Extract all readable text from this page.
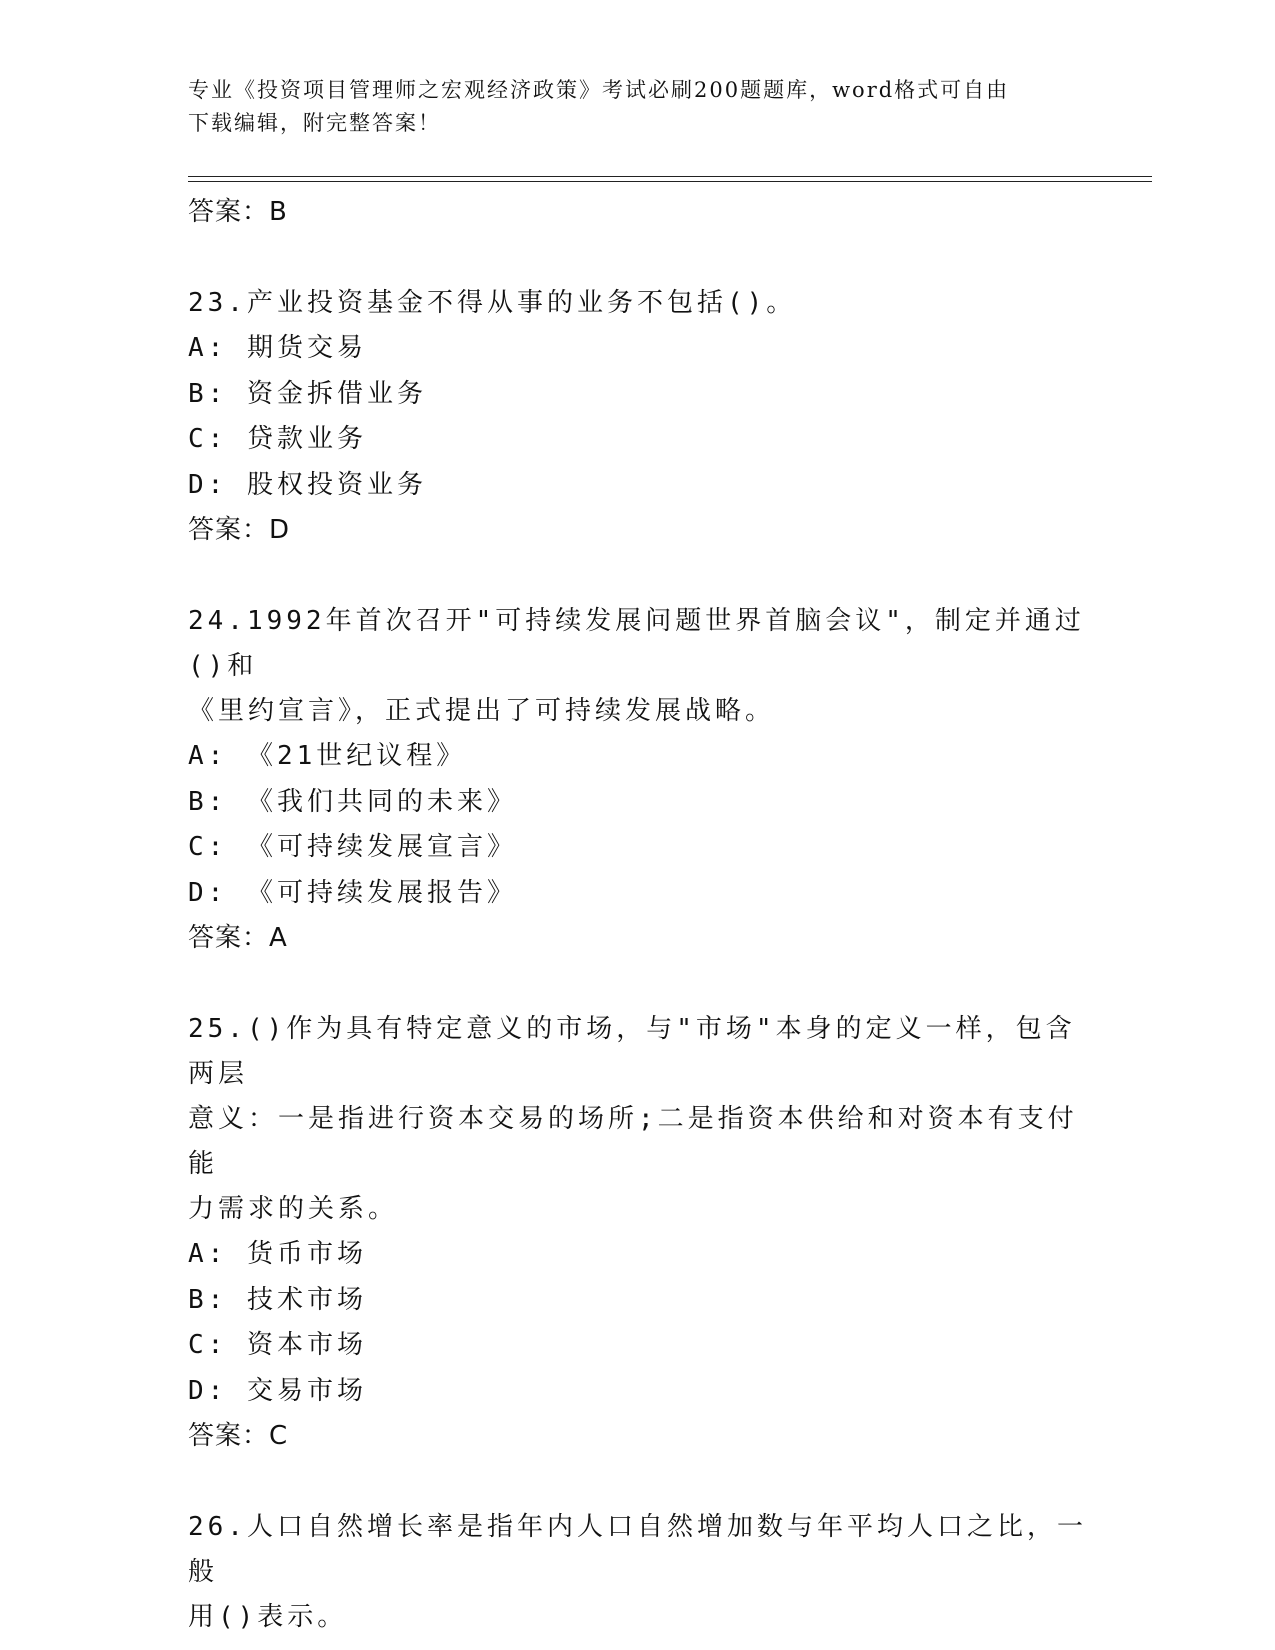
专业《投资项目管理师之宏观经济政策》考试必刷200题题库，word格式可自由
下载编辑，附完整答案！
答案：B
23.产业投资基金不得从事的业务不包括()。
A: 期货交易
B: 资金拆借业务
C: 贷款业务
D: 股权投资业务
答案：D
24.1992年首次召开"可持续发展问题世界首脑会议"，制定并通过()和
《里约宣言》，正式提出了可持续发展战略。
A: 《21世纪议程》
B: 《我们共同的未来》
C: 《可持续发展宣言》
D: 《可持续发展报告》
答案：A
25.()作为具有特定意义的市场，与"市场"本身的定义一样，包含两层
意义：一是指进行资本交易的场所;二是指资本供给和对资本有支付能
力需求的关系。
A: 货币市场
B: 技术市场
C: 资本市场
D: 交易市场
答案：C
26.人口自然增长率是指年内人口自然增加数与年平均人口之比，一般
用()表示。
